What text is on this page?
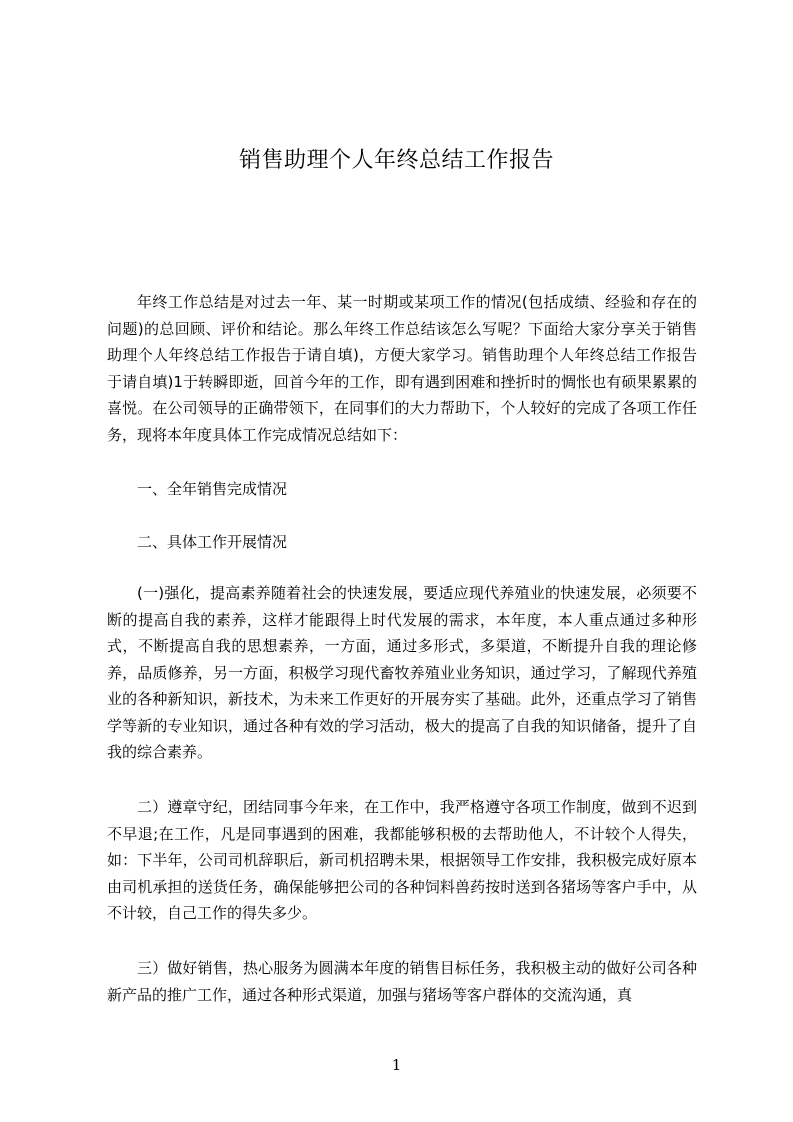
销售助理个人年终总结工作报告

年终工作总结是对过去一年、某一时期或某项工作的情况(包括成绩、经验和存在的问题)的总回顾、评价和结论。那么年终工作总结该怎么写呢？下面给大家分享关于销售助理个人年终总结工作报告于请自填)，方便大家学习。销售助理个人年终总结工作报告于请自填)1于转瞬即逝，回首今年的工作，即有遇到困难和挫折时的惆怅也有硕果累累的喜悦。在公司领导的正确带领下，在同事们的大力帮助下，个人较好的完成了各项工作任务，现将本年度具体工作完成情况总结如下：

一、全年销售完成情况

二、具体工作开展情况

(一)强化，提高素养随着社会的快速发展，要适应现代养殖业的快速发展，必须要不断的提高自我的素养，这样才能跟得上时代发展的需求，本年度，本人重点通过多种形式，不断提高自我的思想素养，一方面，通过多形式，多渠道，不断提升自我的理论修养，品质修养，另一方面，积极学习现代畜牧养殖业业务知识，通过学习，了解现代养殖业的各种新知识，新技术，为未来工作更好的开展夯实了基础。此外，还重点学习了销售学等新的专业知识，通过各种有效的学习活动，极大的提高了自我的知识储备，提升了自我的综合素养。

二）遵章守纪，团结同事今年来，在工作中，我严格遵守各项工作制度，做到不迟到不早退;在工作，凡是同事遇到的困难，我都能够积极的去帮助他人，不计较个人得失，如：下半年，公司司机辞职后，新司机招聘未果，根据领导工作安排，我积极完成好原本由司机承担的送货任务，确保能够把公司的各种饲料兽药按时送到各猪场等客户手中，从不计较，自己工作的得失多少。

三）做好销售，热心服务为圆满本年度的销售目标任务，我积极主动的做好公司各种新产品的推广工作，通过各种形式渠道，加强与猪场等客户群体的交流沟通，真

1
